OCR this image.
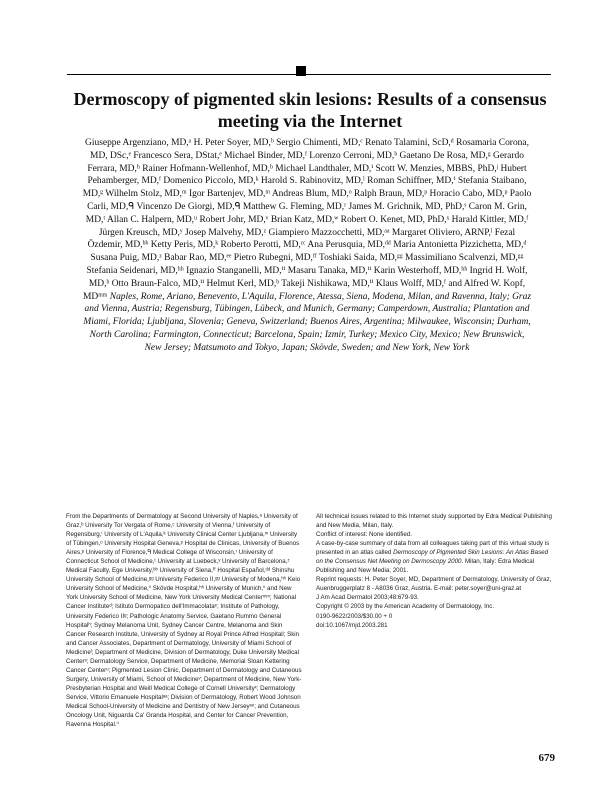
Dermoscopy of pigmented skin lesions: Results of a consensus meeting via the Internet
Giuseppe Argenziano, MD,ᵃ H. Peter Soyer, MD,ᵇ Sergio Chimenti, MD,ᶜ Renato Talamini, ScD,ᵈ Rosamaria Corona, MD, DSc,ᵉ Francesco Sera, DStat,ᵉ Michael Binder, MD,ᶠ Lorenzo Cerroni, MD,ᵇ Gaetano De Rosa, MD,ᵍ Gerardo Ferrara, MD,ʰ Rainer Hofmann-Wellenhof, MD,ᵇ Michael Landthaler, MD,ⁱ Scott W. Menzies, MBBS, PhD,ʲ Hubert Pehamberger, MD,ᶠ Domenico Piccolo, MD,ᵏ Harold S. Rabinovitz, MD,ˡ Roman Schiffner, MD,ⁱ Stefania Staibano, MD,ᵍ Wilhelm Stolz, MD,ᵐ Igor Bartenjev, MD,ᵐ Andreas Blum, MD,ᵒ Ralph Braun, MD,ᵖ Horacio Cabo, MD,ᵖ Paolo Carli, MD,ᑫ Vincenzo De Giorgi, MD,ᑫ Matthew G. Fleming, MD,ʳ James M. Grichnik, MD, PhD,ˢ Caron M. Grin, MD,ᵗ Allan C. Halpern, MD,ᵘ Robert Johr, MD,ᵛ Brian Katz, MD,ʷ Robert O. Kenet, MD, PhD,ˣ Harald Kittler, MD,ᶠ Jürgen Kreusch, MD,ʸ Josep Malvehy, MD,ᶻ Giampiero Mazzocchetti, MD,ᵃᵃ Margaret Oliviero, ARNP,ˡ Fezal Özdemir, MD,ᵇᵇ Ketty Peris, MD,ᵏ Roberto Perotti, MD,ᶜᶜ Ana Perusquia, MD,ᵈᵈ Maria Antonietta Pizzichetta, MD,ᵈ Susana Puig, MD,ᶻ Babar Rao, MD,ᵉᵉ Pietro Rubegni, MD,ᶠᶠ Toshiaki Saida, MD,ᵍᵍ Massimiliano Scalvenzi, MD,ᵍᵍ Stefania Seidenari, MD,ʰʰ Ignazio Stanganelli, MD,ⁱⁱ Masaru Tanaka, MD,ⁱⁱ Karin Westerhoff, MD,ʰʰ Ingrid H. Wolf, MD,ᵇ Otto Braun-Falco, MD,ⁱⁱ Helmut Kerl, MD,ᵇ Takeji Nishikawa, MD,ⁱⁱ Klaus Wolff, MD,ᶠ and Alfred W. Kopf, MDᵐᵐ Naples, Rome, Ariano, Benevento, L'Aquila, Florence, Atessa, Siena, Modena, Milan, and Ravenna, Italy; Graz and Vienna, Austria; Regensburg, Tübingen, Lübeck, and Munich, Germany; Camperdown, Australia; Plantation and Miami, Florida; Ljubljana, Slovenia; Geneva, Switzerland; Buenos Aires, Argentina; Milwaukee, Wisconsin; Durham, North Carolina; Farmington, Connecticut; Barcelona, Spain; Izmir, Turkey; Mexico City, Mexico; New Brunswick, New Jersey; Matsumoto and Tokyo, Japan; Skövde, Sweden; and New York, New York

From the Departments of Dermatology at Second University of Naples,ᵃ University of Graz,ᵇ University Tor Vergata of Rome,ᶜ University of Vienna,ᶠ University of Regensburg,ⁱ University of L'Aquila,ᵏ University Clinical Center Ljubljana,ᵐ University of Tübingen,ᵒ University Hospital Geneva,ᵖ Hospital de Clinicas, University of Buenos Aires,ᵖ University of Florence,ᑫ Medical College of Wisconsin,ʳ University of Connecticut School of Medicine,ᵗ University at Luebeck,ʸ University of Barcelona,ᶻ Medical Faculty, Ege University,ᵇᵇ University of Siena,ᶠᶠ Hospital Español,ᵈᵈ Shinshu University School of Medicine,ᵍᵍ University Federico II,ᵍᵍ University of Modena,ʰʰ Keio University School of Medicine,ⁱⁱ Skövde Hospital,ʰʰ University of Munich,ⁱⁱ and New York University School of Medicine, New York University Medical Centerᵐᵐ; National Cancer Instituteᵈ; Istituto Dermopatico dell'Immacolataᵉ; Institute of Pathology, University Federico IIᵍ; Pathologic Anatomy Service, Gaetano Rummo General Hospitalʰ; Sydney Melanoma Unit, Sydney Cancer Centre, Melanoma and Skin Cancer Research Institute, University of Sydney at Royal Prince Alfred Hospitalʲ; Skin and Cancer Associates, Department of Dermatology, University of Miami School of Medicineˡ; Department of Medicine, Division of Dermatology, Duke University Medical Centerˢ; Dermatology Service, Department of Medicine, Memorial Sloan Kettering Cancer Centerᵘ; Pigmented Lesion Clinic, Department of Dermatology and Cutaneous Surgery, University of Miami, School of Medicineᵛ; Department of Medicine, New York-Presbyterian Hospital and Weill Medical College of Cornell Universityˣ; Dermatology Service, Vittorio Emanuele Hospitalᵃᵃ; Division of Dermatology, Robert Wood Johnson Medical School-University of Medicine and Dentistry of New Jerseyᵉᵉ; and Cutaneous Oncology Unit, Niguarda Ca' Granda Hospital, and Center for Cancer Prevention, Ravenna Hospital.ⁱⁱ

All technical issues related to this Internet study supported by Edra Medical Publishing and New Media, Milan, Italy.

Conflict of interest: None identified.

A case-by-case summary of data from all colleagues taking part of this virtual study is presented in an atlas called Dermoscopy of Pigmented Skin Lesions: An Atlas Based on the Consensus Net Meeting on Dermoscopy 2000. Milan, Italy: Edra Medical Publishing and New Media; 2001.

Reprint requests: H. Peter Soyer, MD, Department of Dermatology, University of Graz, Auenbruggerplatz 8 - A8036 Graz, Austria. E-mail: peter.soyer@uni-graz.at

J Am Acad Dermatol 2003;48:679-93.

Copyright © 2003 by the American Academy of Dermatology, Inc.

0190-9622/2003/$30.00 + 0

doi:10.1067/mjd.2003.281

679
